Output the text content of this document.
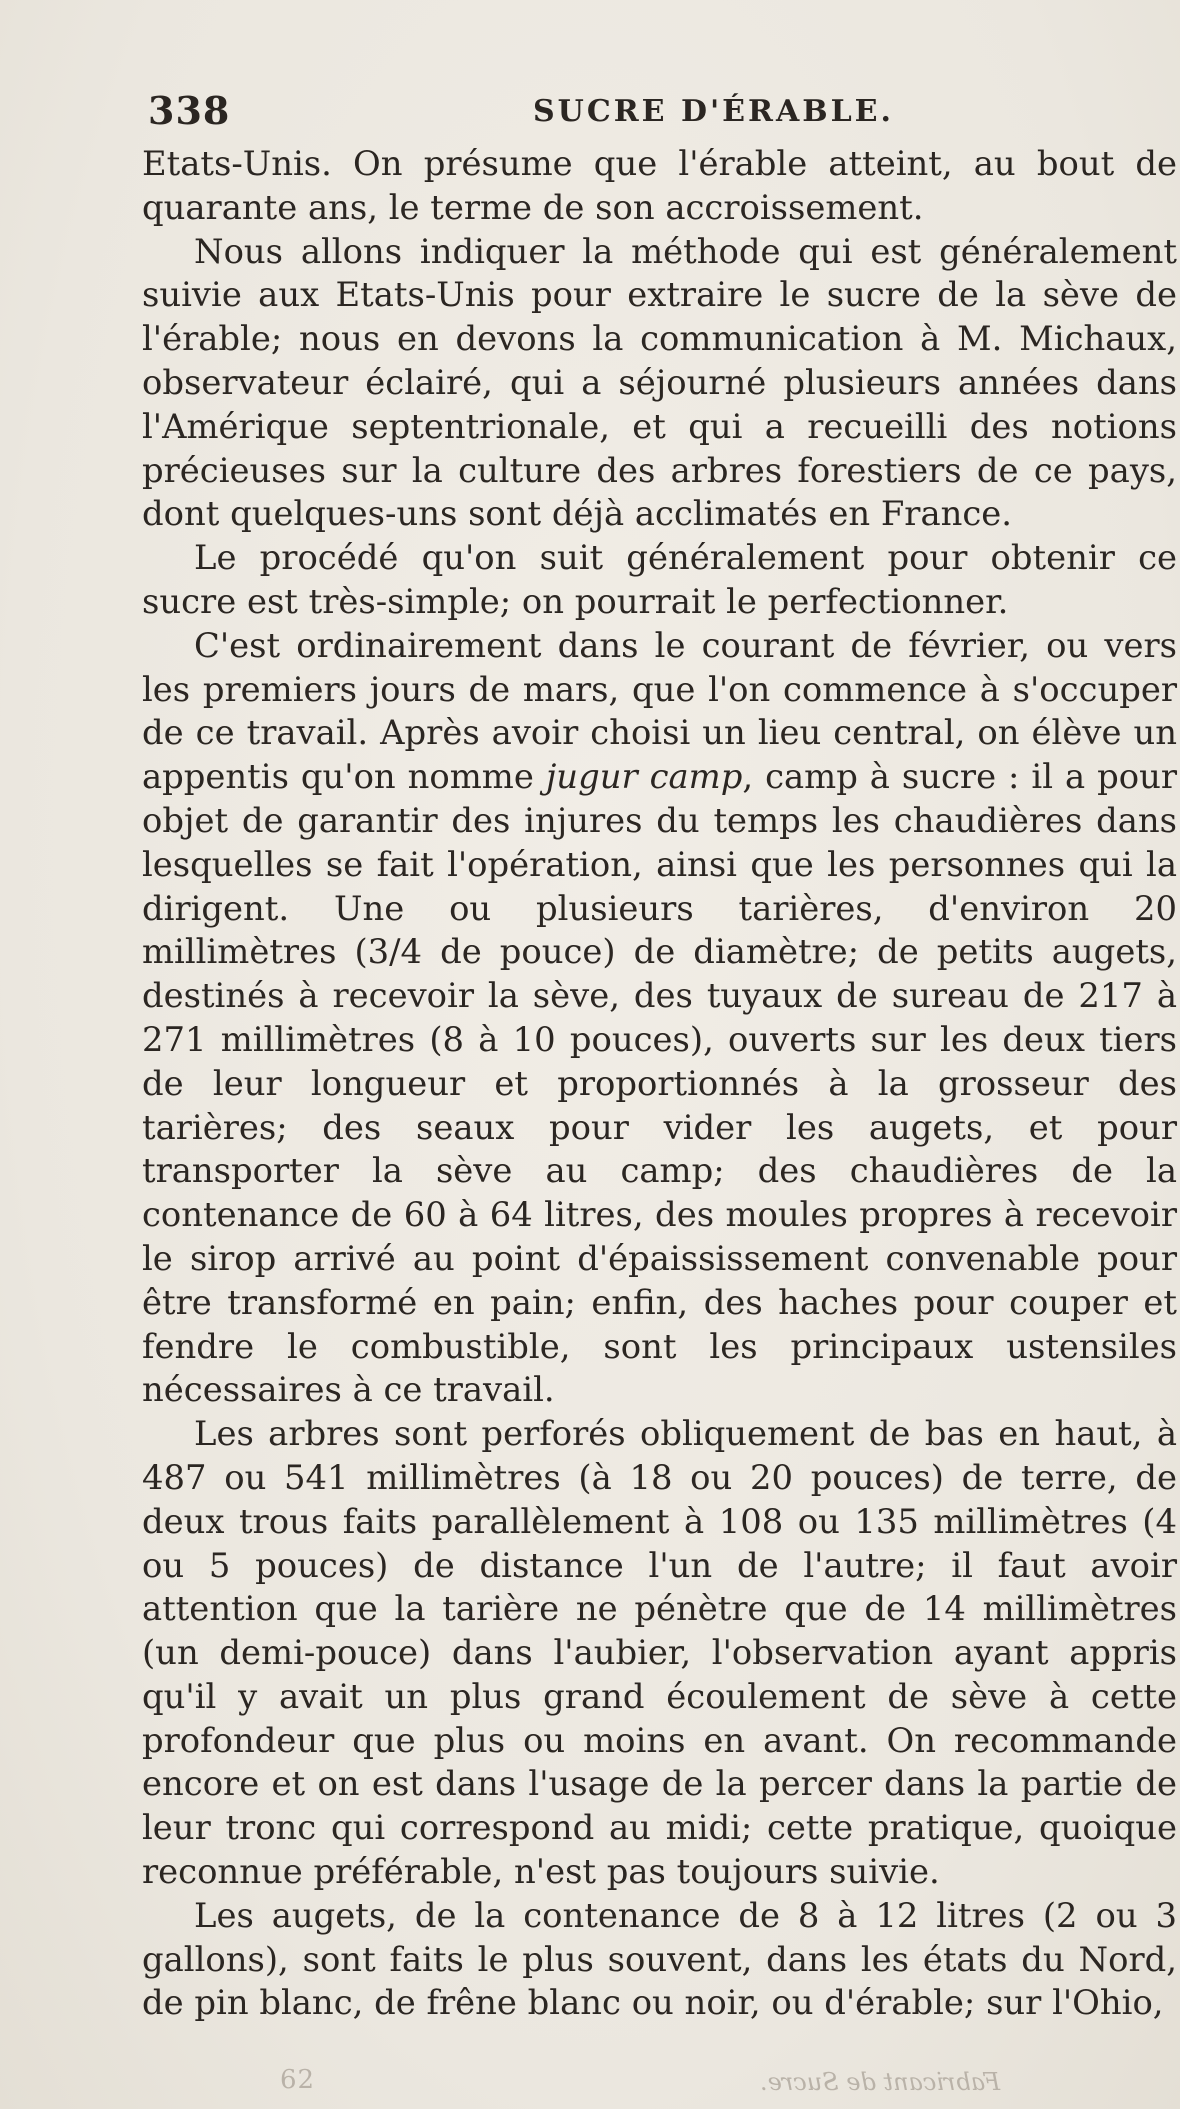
338	SUCRE D'ÉRABLE.

Etats-Unis. On présume que l'érable atteint, au bout de quarante ans, le terme de son accroissement.

Nous allons indiquer la méthode qui est généralement suivie aux Etats-Unis pour extraire le sucre de la sève de l'érable; nous en devons la communication à M. Michaux, observateur éclairé, qui a séjourné plusieurs années dans l'Amérique septentrionale, et qui a recueilli des notions précieuses sur la culture des arbres forestiers de ce pays, dont quelques-uns sont déjà acclimatés en France.

Le procédé qu'on suit généralement pour obtenir ce sucre est très-simple; on pourrait le perfectionner.

C'est ordinairement dans le courant de février, ou vers les premiers jours de mars, que l'on commence à s'occuper de ce travail. Après avoir choisi un lieu central, on élève un appentis qu'on nomme jugur camp, camp à sucre : il a pour objet de garantir des injures du temps les chaudières dans lesquelles se fait l'opération, ainsi que les personnes qui la dirigent. Une ou plusieurs tarières, d'environ 20 millimètres (3/4 de pouce) de diamètre; de petits augets, destinés à recevoir la sève, des tuyaux de sureau de 217 à 271 millimètres (8 à 10 pouces), ouverts sur les deux tiers de leur longueur et proportionnés à la grosseur des tarières; des seaux pour vider les augets, et pour transporter la sève au camp; des chaudières de la contenance de 60 à 64 litres, des moules propres à recevoir le sirop arrivé au point d'épaississement convenable pour être transformé en pain; enfin, des haches pour couper et fendre le combustible, sont les principaux ustensiles nécessaires à ce travail.

Les arbres sont perforés obliquement de bas en haut, à 487 ou 541 millimètres (à 18 ou 20 pouces) de terre, de deux trous faits parallèlement à 108 ou 135 millimètres (4 ou 5 pouces) de distance l'un de l'autre; il faut avoir attention que la tarière ne pénètre que de 14 millimètres (un demi-pouce) dans l'aubier, l'observation ayant appris qu'il y avait un plus grand écoulement de sève à cette profondeur que plus ou moins en avant. On recommande encore et on est dans l'usage de la percer dans la partie de leur tronc qui correspond au midi; cette pratique, quoique reconnue préférable, n'est pas toujours suivie.

Les augets, de la contenance de 8 à 12 litres (2 ou 3 gallons), sont faits le plus souvent, dans les états du Nord, de pin blanc, de frêne blanc ou noir, ou d'érable; sur l'Ohio,

62	Fabricant de Sucre.
